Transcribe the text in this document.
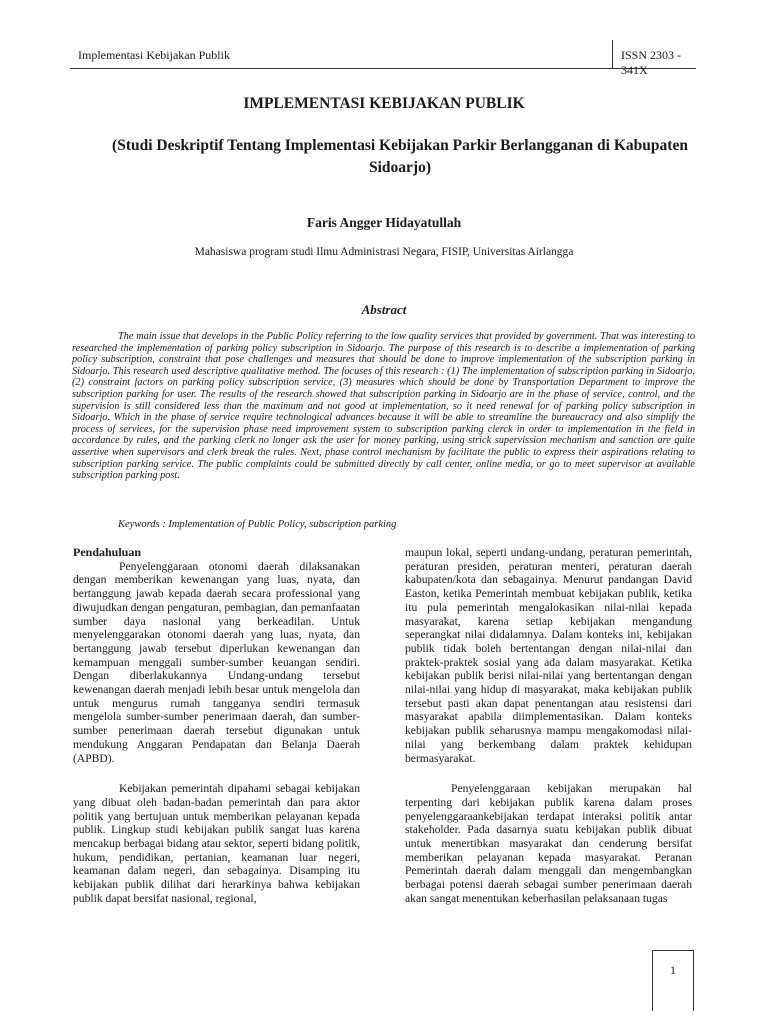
Implementasi Kebijakan Publik	ISSN 2303 - 341X
IMPLEMENTASI KEBIJAKAN PUBLIK
(Studi Deskriptif Tentang Implementasi Kebijakan Parkir Berlangganan di Kabupaten Sidoarjo)
Faris Angger Hidayatullah
Mahasiswa program studi Ilmu Administrasi Negara, FISIP, Universitas Airlangga
Abstract

The main issue that develops in the Public Policy referring to the low quality services that provided by government. That was interesting to researched the implementation of parking policy subscription in Sidoarjo. The purpose of this research is to describe a implementation of parking policy subscription, constraint that pose challenges and measures that should be done to improve implementation of the subscription parking in Sidoarjo. This research used descriptive qualitative method. The focuses of this research : (1) The implementation of subscription parking in Sidoarjo, (2) constraint factors on parking policy subscription service, (3) measures which should be done by Transportation Department to improve the subscription parking for user. The results of the research showed that subscription parking in Sidoarjo are in the phase of service, control, and the supervision is still considered less than the maximum and not good at implementation, so it need renewal for of parking policy subscription in Sidoarjo. Which in the phase of service require technological advances because it will be able to streamline the bureaucracy and also simplify the process of services, for the supervision phase need improvement system to subscription parking clerck in order to implementation in the field in accordance by rules, and the parking clerk no longer ask the user for money parking, using strick supervission mechanism and sanction are quite assertive when supervisors and clerk break the rules. Next, phase control mechanism by facilitate the public to express their aspirations relating to subscription parking service. The public complaints could be submitted directly by call center, online media, or go to meet supervisor at available subscription parking post.

Keywords : Implementation of Public Policy, subscription parking
Pendahuluan

Penyelenggaraan otonomi daerah dilaksanakan dengan memberikan kewenangan yang luas, nyata, dan bertanggung jawab kepada daerah secara professional yang diwujudkan dengan pengaturan, pembagian, dan pemanfaatan sumber daya nasional yang berkeadilan. Untuk menyelenggarakan otonomi daerah yang luas, nyata, dan bertanggung jawab tersebut diperlukan kewenangan dan kemampuan menggali sumber-sumber keuangan sendiri. Dengan diberlakukannya Undang-undang tersebut kewenangan daerah menjadi lebih besar untuk mengelola dan untuk mengurus rumah tangganya sendiri termasuk mengelola sumber-sumber penerimaan daerah, dan sumber-sumber penerimaan daerah tersebut digunakan untuk mendukung Anggaran Pendapatan dan Belanja Daerah (APBD).

Kebijakan pemerintah dipahami sebagai kebijakan yang dibuat oleh badan-badan pemerintah dan para aktor politik yang bertujuan untuk memberikan pelayanan kepada publik. Lingkup studi kebijakan publik sangat luas karena mencakup berbagai bidang atau sektor, seperti bidang politik, hukum, pendidikan, pertanian, keamanan luar negeri, keamanan dalam negeri, dan sebagainya. Disamping itu kebijakan publik dilihat dari herarkinya bahwa kebijakan publik dapat bersifat nasional, regional,

maupun lokal, seperti undang-undang, peraturan pemerintah, peraturan presiden, peraturan menteri, peraturan daerah kabupaten/kota dan sebagainya. Menurut pandangan David Easton, ketika Pemerintah membuat kebijakan publik, ketika itu pula pemerintah mengalokasikan nilai-nilai kepada masyarakat, karena setiap kebijakan mengandung seperangkat nilai didalamnya. Dalam konteks ini, kebijakan publik tidak boleh bertentangan dengan nilai-nilai dan praktek-praktek sosial yang ada dalam masyarakat. Ketika kebijakan publik berisi nilai-nilai yang bertentangan dengan nilai-nilai yang hidup di masyarakat, maka kebijakan publik tersebut pasti akan dapat penentangan atau resistensi dari masyarakat apabila diimplementasikan. Dalam konteks kebijakan publik seharusnya mampu mengakomodasi nilai-nilai yang berkembang dalam praktek kehidupan bermasyarakat.

Penyelenggaraan kebijakan merupakan hal terpenting dari kebijakan publik karena dalam proses penyelenggaraankebijakan terdapat interaksi politik antar stakeholder. Pada dasarnya suatu kebijakan publik dibuat untuk menertibkan masyarakat dan cenderung bersifat memberikan pelayanan kepada masyarakat. Peranan Pemerintah daerah dalam menggali dan mengembangkan berbagai potensi daerah sebagai sumber penerimaan daerah akan sangat menentukan keberhasilan pelaksanaan tugas

1
